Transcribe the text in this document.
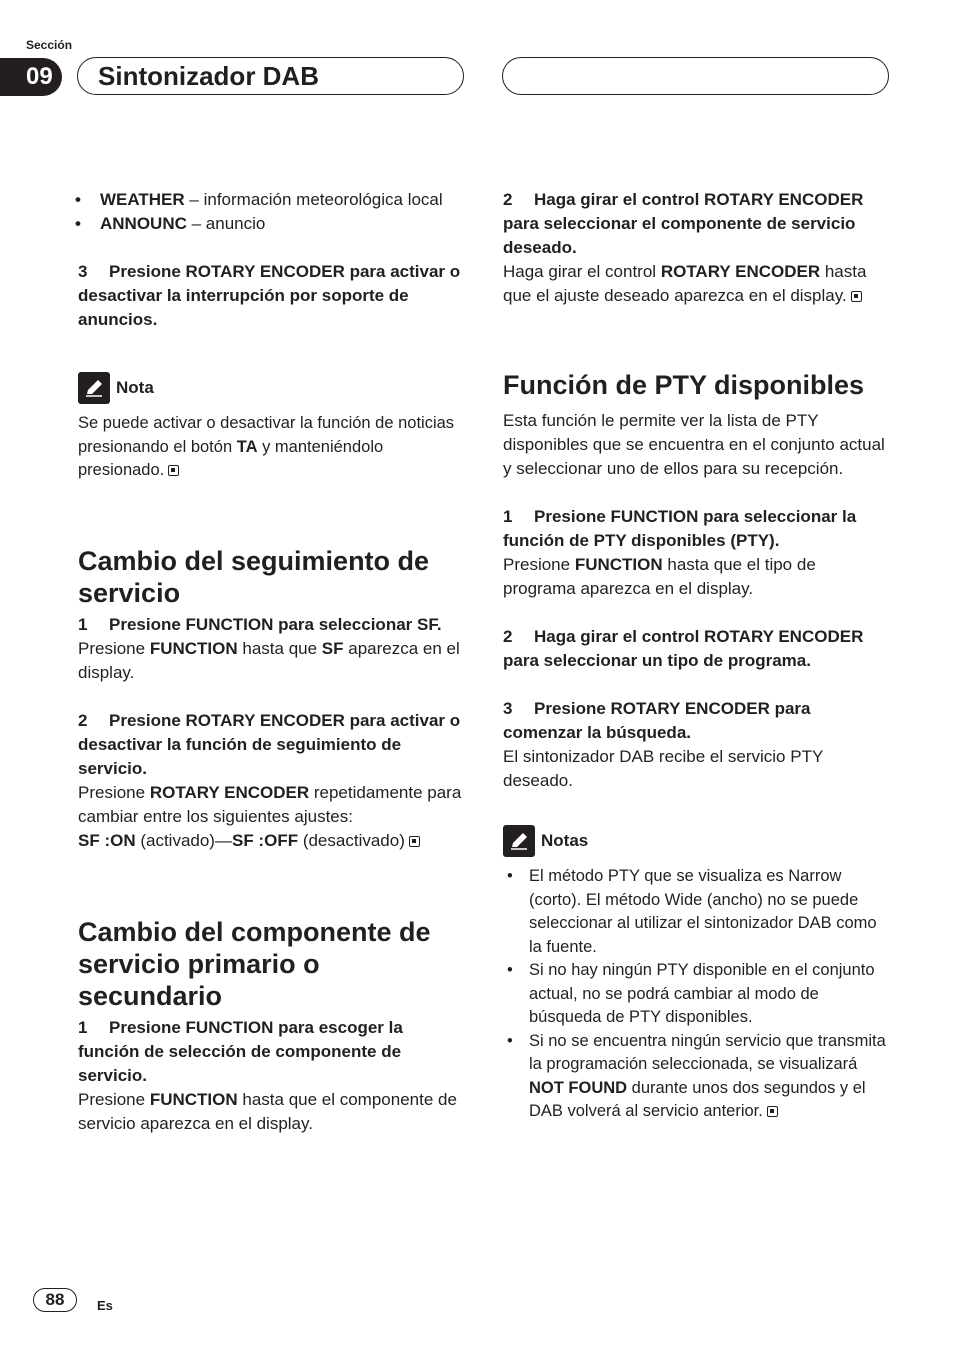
Sección
09	Sintonizador DAB
• WEATHER – información meteorológica local
• ANNOUNC – anuncio

3 Presione ROTARY ENCODER para activar o desactivar la interrupción por soporte de anuncios.

Nota

Se puede activar o desactivar la función de noticias presionando el botón TA y manteniéndolo presionado.

Cambio del seguimiento de servicio

1 Presione FUNCTION para seleccionar SF.

Presione FUNCTION hasta que SF aparezca en el display.

2 Presione ROTARY ENCODER para activar o desactivar la función de seguimiento de servicio.

Presione ROTARY ENCODER repetidamente para cambiar entre los siguientes ajustes:
SF :ON (activado)—SF :OFF (desactivado)

Cambio del componente de servicio primario o secundario

1 Presione FUNCTION para escoger la función de selección de componente de servicio.

Presione FUNCTION hasta que el componente de servicio aparezca en el display.

2 Haga girar el control ROTARY ENCODER para seleccionar el componente de servicio deseado.

Haga girar el control ROTARY ENCODER hasta que el ajuste deseado aparezca en el display.

Función de PTY disponibles

Esta función le permite ver la lista de PTY disponibles que se encuentra en el conjunto actual y seleccionar uno de ellos para su recepción.

1 Presione FUNCTION para seleccionar la función de PTY disponibles (PTY).

Presione FUNCTION hasta que el tipo de programa aparezca en el display.

2 Haga girar el control ROTARY ENCODER para seleccionar un tipo de programa.

3 Presione ROTARY ENCODER para comenzar la búsqueda.

El sintonizador DAB recibe el servicio PTY deseado.

Notas
• El método PTY que se visualiza es Narrow (corto). El método Wide (ancho) no se puede seleccionar al utilizar el sintonizador DAB como la fuente.
• Si no hay ningún PTY disponible en el conjunto actual, no se podrá cambiar al modo de búsqueda de PTY disponibles.
• Si no se encuentra ningún servicio que transmita la programación seleccionada, se visualizará NOT FOUND durante unos dos segundos y el DAB volverá al servicio anterior.
88	Es
